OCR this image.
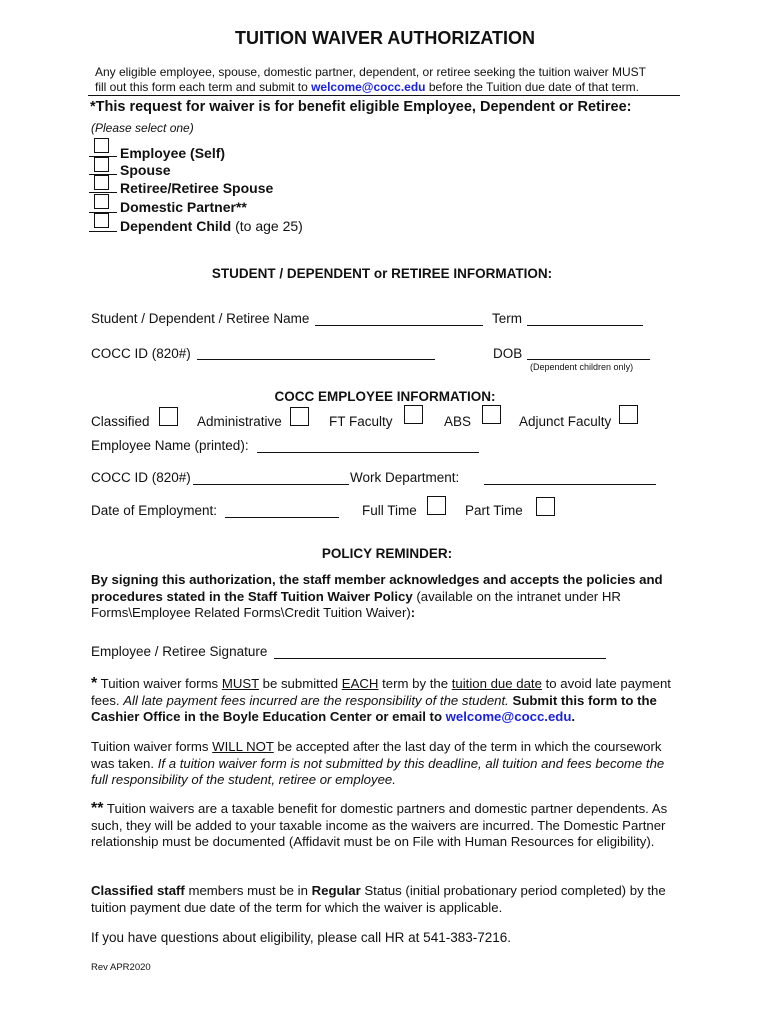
TUITION WAIVER AUTHORIZATION
Any eligible employee, spouse, domestic partner, dependent, or retiree seeking the tuition waiver MUST
fill out this form each term and submit to welcome@cocc.edu before the Tuition due date of that term.
*This request for waiver is for benefit eligible Employee, Dependent or Retiree:
(Please select one)
Employee (Self)
Spouse
Retiree/Retiree Spouse
Domestic Partner**
Dependent Child (to age 25)
STUDENT / DEPENDENT or RETIREE INFORMATION:
Student / Dependent / Retiree Name	Term
COCC ID (820#)	DOB
(Dependent children only)
COCC EMPLOYEE INFORMATION:
Classified	Administrative	FT Faculty	ABS	Adjunct Faculty
Employee Name (printed):
COCC ID (820#)	Work Department:
Date of Employment:	Full Time	Part Time
POLICY REMINDER:
By signing this authorization, the staff member acknowledges and accepts the policies and procedures stated in the Staff Tuition Waiver Policy (available on the intranet under HR Forms\Employee Related Forms\Credit Tuition Waiver):
Employee / Retiree Signature
* Tuition waiver forms MUST be submitted EACH term by the tuition due date to avoid late payment fees. All late payment fees incurred are the responsibility of the student. Submit this form to the Cashier Office in the Boyle Education Center or email to welcome@cocc.edu.
Tuition waiver forms WILL NOT be accepted after the last day of the term in which the coursework was taken. If a tuition waiver form is not submitted by this deadline, all tuition and fees become the full responsibility of the student, retiree or employee.
** Tuition waivers are a taxable benefit for domestic partners and domestic partner dependents. As such, they will be added to your taxable income as the waivers are incurred. The Domestic Partner relationship must be documented (Affidavit must be on File with Human Resources for eligibility).
Classified staff members must be in Regular Status (initial probationary period completed) by the tuition payment due date of the term for which the waiver is applicable.
If you have questions about eligibility, please call HR at 541-383-7216.
Rev APR2020
